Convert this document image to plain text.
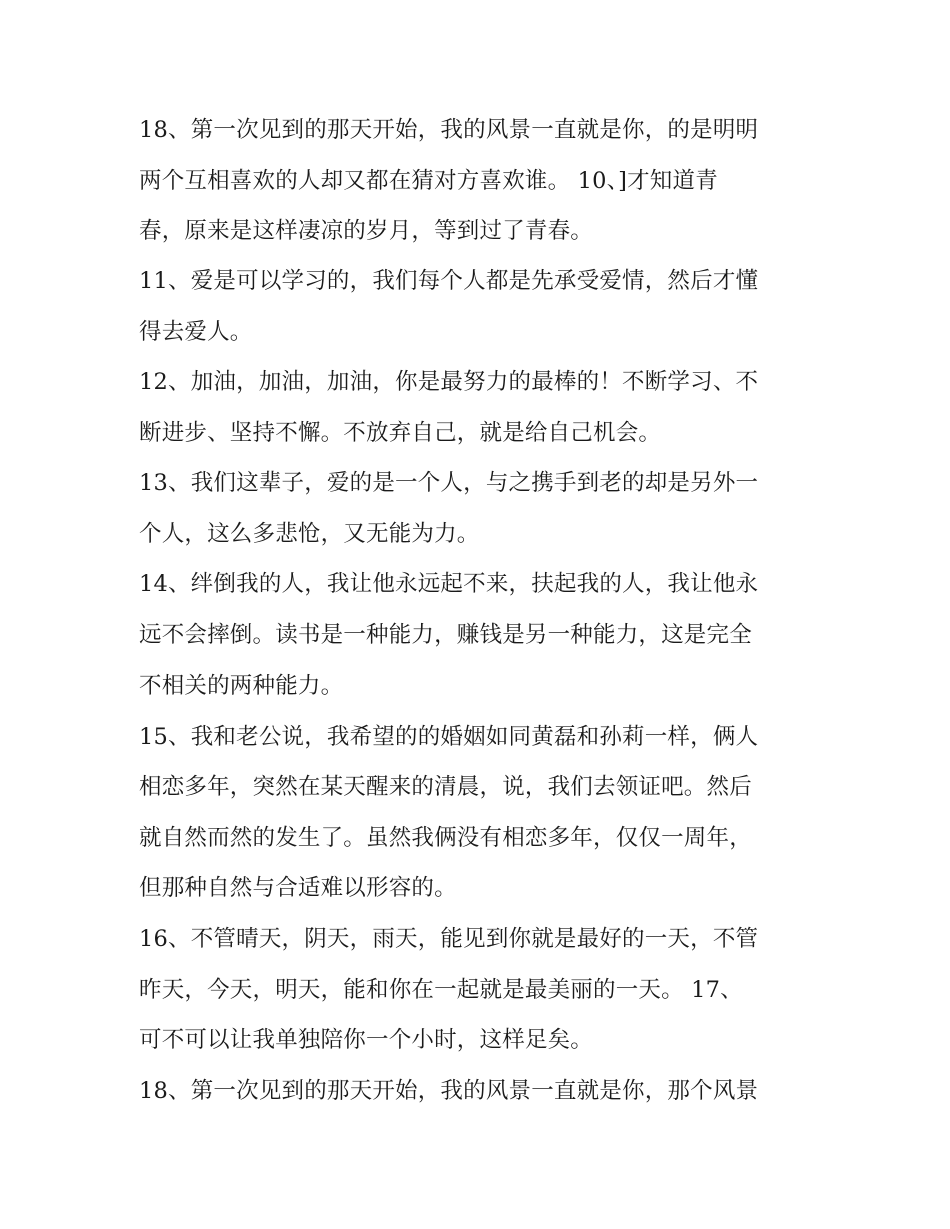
18、第一次见到的那天开始，我的风景一直就是你，的是明明
两个互相喜欢的人却又都在猜对方喜欢谁。 10、]才知道青
春，原来是这样凄凉的岁月，等到过了青春。
11、爱是可以学习的，我们每个人都是先承受爱情，然后才懂
得去爱人。
12、加油，加油，加油，你是最努力的最棒的！不断学习、不
断进步、坚持不懈。不放弃自己，就是给自己机会。
13、我们这辈子，爱的是一个人，与之携手到老的却是另外一
个人，这么多悲怆，又无能为力。
14、绊倒我的人，我让他永远起不来，扶起我的人，我让他永
远不会摔倒。读书是一种能力，赚钱是另一种能力，这是完全
不相关的两种能力。
15、我和老公说，我希望的的婚姻如同黄磊和孙莉一样，俩人
相恋多年，突然在某天醒来的清晨，说，我们去领证吧。然后
就自然而然的发生了。虽然我俩没有相恋多年，仅仅一周年，
但那种自然与合适难以形容的。
16、不管晴天，阴天，雨天，能见到你就是最好的一天，不管
昨天，今天，明天，能和你在一起就是最美丽的一天。 17、
可不可以让我单独陪你一个小时，这样足矣。
18、第一次见到的那天开始，我的风景一直就是你，那个风景
